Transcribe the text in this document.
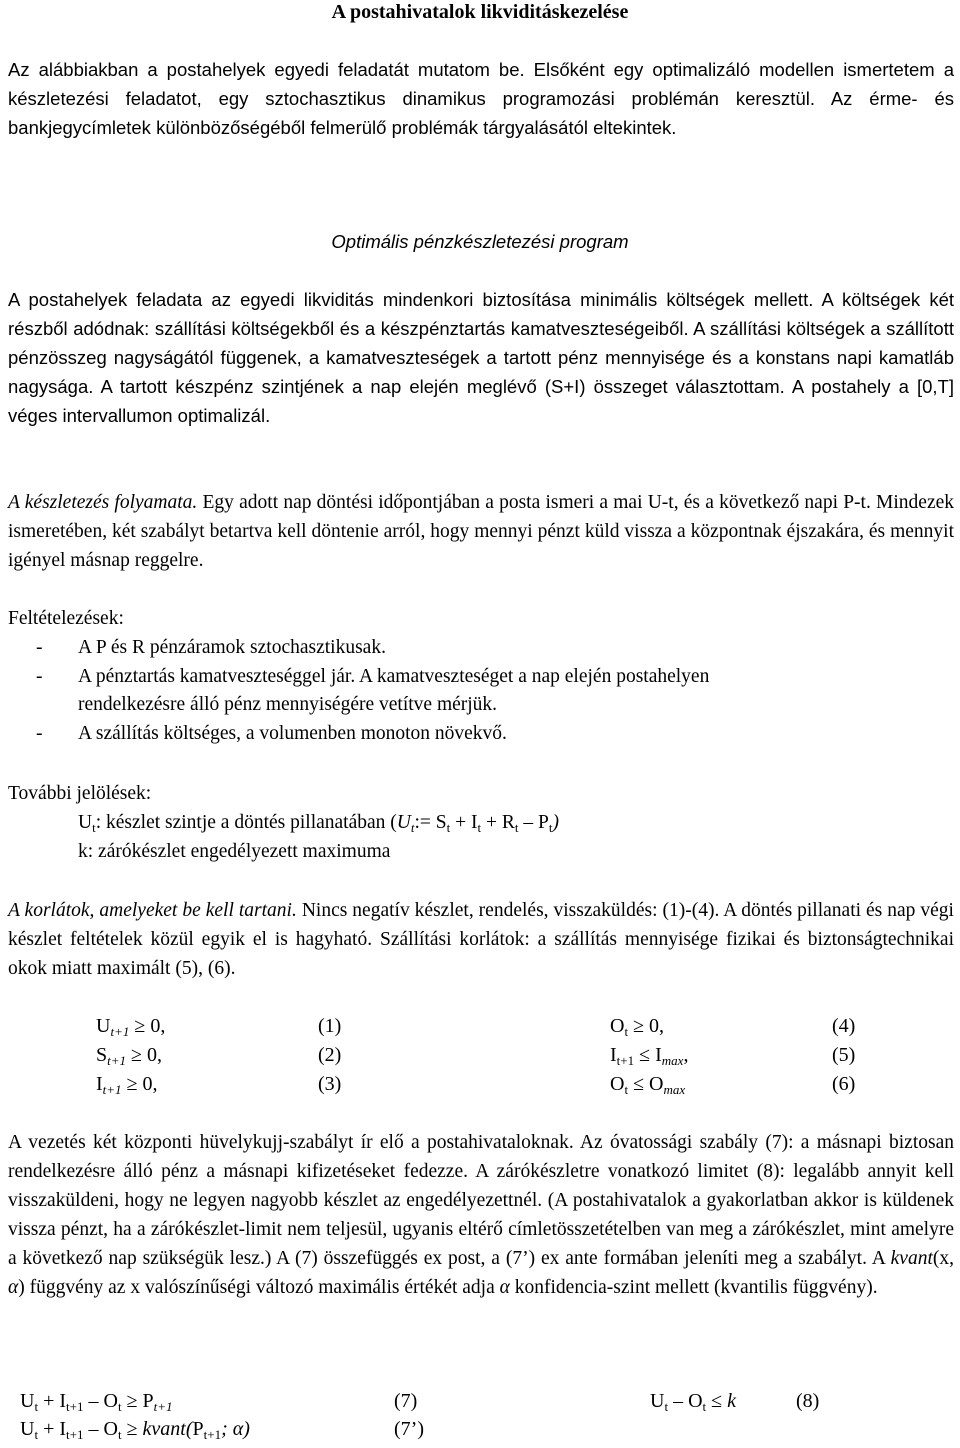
A postahivatalok likviditáskezelése
Az alábbiakban a postahelyek egyedi feladatát mutatom be. Elsőként egy optimalizáló modellen ismertetem a készletezési feladatot, egy sztochasztikus dinamikus programozási problémán keresztül. Az érme- és bankjegycímletek különbözőségéből felmerülő problémák tárgyalásától eltekintek.
Optimális pénzkészletezési program
A postahelyek feladata az egyedi likviditás mindenkori biztosítása minimális költségek mellett. A költségek két részből adódnak: szállítási költségekből és a készpénztartás kamatveszteségeiből. A szállítási költségek a szállított pénzösszeg nagyságától függenek, a kamatveszteségek a tartott pénz mennyisége és a konstans napi kamatláb nagysága. A tartott készpénz szintjének a nap elején meglévő (S+I) összeget választottam. A postahely a [0,T] véges intervallumon optimalizál.
A készletezés folyamata. Egy adott nap döntési időpontjában a posta ismeri a mai U-t, és a következő napi P-t. Mindezek ismeretében, két szabályt betartva kell döntenie arról, hogy mennyi pénzt küld vissza a központnak éjszakára, és mennyit igényel másnap reggelre.
Feltételezések:
- A P és R pénzáramok sztochasztikusak.
- A pénztartás kamatveszteséggel jár. A kamatveszteséget a nap elején postahelyen
rendelkezésre álló pénz mennyiségére vetítve mérjük.
- A szállítás költséges, a volumenben monoton növekvő.
További jelölések:
$U_t$: készlet szintje a döntés pillanatában $(U_t:= S_t + I_t + R_t - P_t)$
k: zárókészlet engedélyezett maximuma
A korlátok, amelyeket be kell tartani. Nincs negatív készlet, rendelés, visszaküldés: (1)-(4). A döntés pillanati és nap végi készlet feltételek közül egyik el is hagyható. Szállítási korlátok: a szállítás mennyisége fizikai és biztonságtechnikai okok miatt maximált (5), (6).
$U_{t+1} \ge 0$,	(1)
$S_{t+1} \ge 0$,	(2)
$I_{t+1} \ge 0$,	(3)
$O_t \ge 0$,	(4)
$I_{t+1} \le I_{max}$,	(5)
$O_t \le O_{max}$	(6)
A vezetés két központi hüvelykujj-szabályt ír elő a postahivataloknak. Az óvatossági szabály (7): a másnapi biztosan rendelkezésre álló pénz a másnapi kifizetéseket fedezze. A zárókészletre vonatkozó limitet (8): legalább annyit kell visszaküldeni, hogy ne legyen nagyobb készlet az engedélyezettnél. (A postahivatalok a gyakorlatban akkor is küldenek vissza pénzt, ha a zárókészlet-limit nem teljesül, ugyanis eltérő címletösszetételben van meg a zárókészlet, mint amelyre a következő nap szükségük lesz.) A (7) összefüggés ex post, a (7’) ex ante formában jeleníti meg a szabályt. A kvant(x, α) függvény az x valószínűségi változó maximális értékét adja α konfidencia-szint mellett (kvantilis függvény).
$U_t + I_{t+1} - O_t \ge P_{t+1}$	(7)
$U_t + I_{t+1} - O_t$ ≥ $kvant(P_{t+1}$; α)	(7’)
$U_t - O_t \le k$	(8)
